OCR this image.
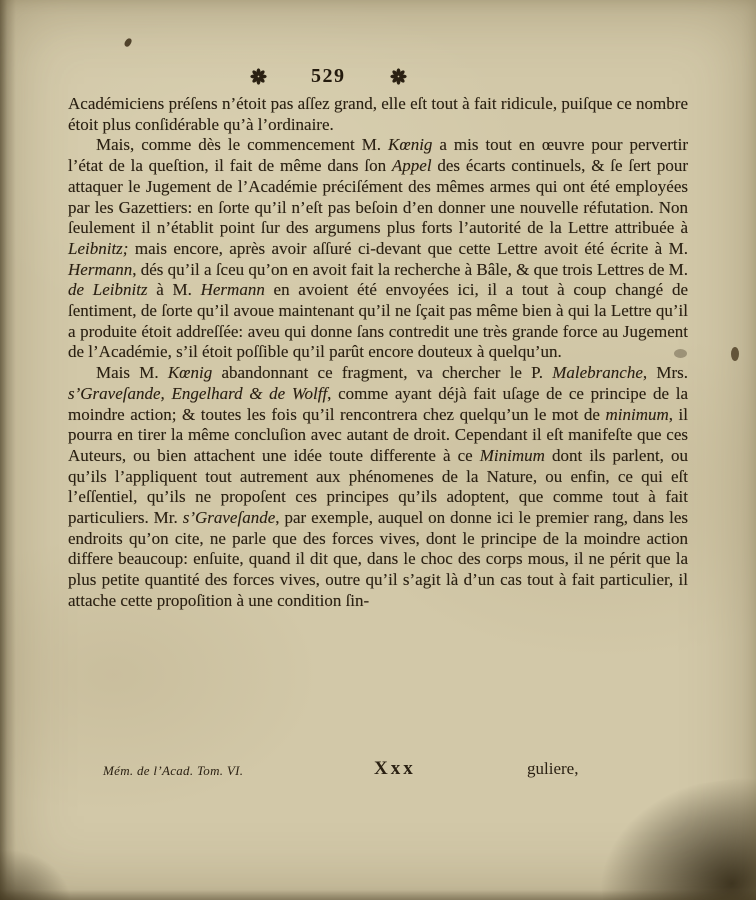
529

Académiciens préſens n’étoit pas aſſez grand, elle eſt tout à fait ridicule, puiſque ce nombre étoit plus conſidérable qu’à l’ordinaire.

Mais, comme dès le commencement M. Kœnig a mis tout en œuvre pour pervertir l’état de la queſtion, il fait de même dans ſon Appel des écarts continuels, & ſe ſert pour attaquer le Jugement de l’Académie préciſément des mêmes armes qui ont été employées par les Gazettiers: en ſorte qu’il n’eſt pas beſoin d’en donner une nouvelle réfutation. Non ſeulement il n’établit point ſur des argumens plus forts l’autorité de la Lettre attribuée à Leibnitz; mais encore, après avoir aſſuré ci-devant que cette Lettre avoit été écrite à M. Hermann, dés qu’il a ſceu qu’on en avoit fait la recherche à Bâle, & que trois Lettres de M. de Leibnitz à M. Hermann en avoient été envoyées ici, il a tout à coup changé de ſentiment, de ſorte qu’il avoue maintenant qu’il ne ſçait pas même bien à qui la Lettre qu’il a produite étoit addreſſée: aveu qui donne ſans contredit une très grande force au Jugement de l’Académie, s’il étoit poſſible qu’il parût encore douteux à quelqu’un.

Mais M. Kœnig abandonnant ce fragment, va chercher le P. Malebranche, Mrs. s’Graveſande, Engelhard & de Wolff, comme ayant déjà fait uſage de ce principe de la moindre action; & toutes les fois qu’il rencontrera chez quelqu’un le mot de minimum, il pourra en tirer la même concluſion avec autant de droit. Cependant il eſt manifeſte que ces Auteurs, ou bien attachent une idée toute differente à ce Minimum dont ils parlent, ou qu’ils l’appliquent tout autrement aux phénomenes de la Nature, ou enfin, ce qui eſt l’eſſentiel, qu’ils ne propoſent ces principes qu’ils adoptent, que comme tout à fait particuliers. Mr. s’Graveſande, par exemple, auquel on donne ici le premier rang, dans les endroits qu’on cite, ne parle que des forces vives, dont le principe de la moindre action differe beaucoup: enſuite, quand il dit que, dans le choc des corps mous, il ne périt que la plus petite quantité des forces vives, outre qu’il s’agit là d’un cas tout à fait particulier, il attache cette propoſition à une condition ſin-

Mém. de l’Acad. Tom. VI.	Xxx	guliere,
